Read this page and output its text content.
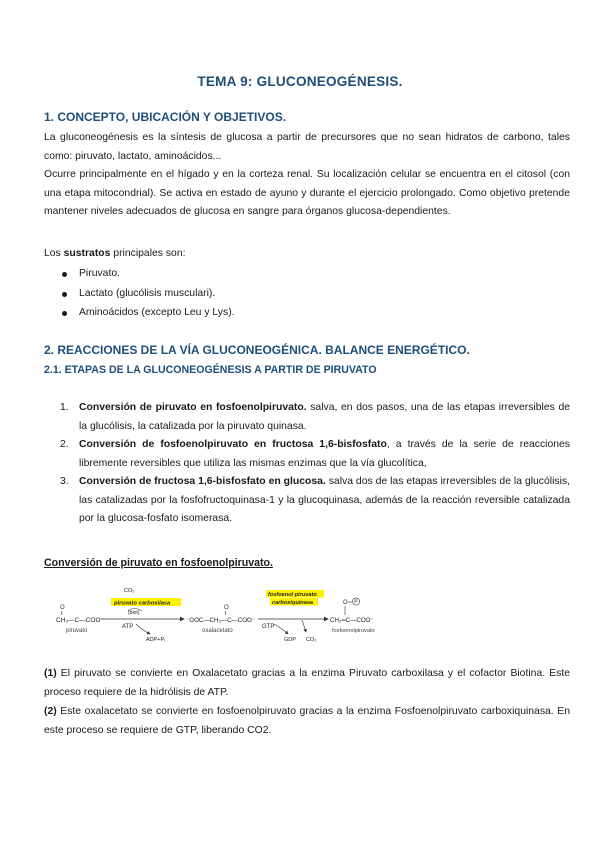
TEMA 9: GLUCONEOGÉNESIS.
1. CONCEPTO, UBICACIÓN Y OBJETIVOS.

La gluconeogénesis es la síntesis de glucosa a partir de precursores que no sean hidratos de carbono, tales como: piruvato, lactato, aminoácidos...

Ocurre principalmente en el hígado y en la corteza renal. Su localización celular se encuentra en el citosol (con una etapa mitocondrial). Se activa en estado de ayuno y durante el ejercicio prolongado. Como objetivo pretende mantener niveles adecuados de glucosa en sangre para órganos glucosa-dependientes.

Los sustratos principales son:

Piruvato.
Lactato (glucólisis musculari).
Aminoácidos (excepto Leu y Lys).
2. REACCIONES DE LA VÍA GLUCONEOGÉNICA. BALANCE ENERGÉTICO.
2.1. ETAPAS DE LA GLUCONEOGÉNESIS A PARTIR DE PIRUVATO
1. Conversión de piruvato en fosfoenolpiruvato. salva, en dos pasos, una de las etapas irreversibles de la glucólisis, la catalizada por la piruvato quinasa.
2. Conversión de fosfoenolpiruvato en fructosa 1,6-bisfosfato, a través de la serie de reacciones libremente reversibles que utiliza las mismas enzimas que la vía glucolítica,
3. Conversión de fructosa 1,6-bisfosfato en glucosa. salva dos de las etapas irreversibles de la glucólisis, las catalizadas por la fosfofructoquinasa-1 y la glucoquinasa, además de la reacción reversible catalizada por la glucosa-fosfato isomerasa.
Conversión de piruvato en fosfoenolpiruvato.
O
CH₃—C—COO⁻
piruvato
CO₂
piruvato carboxilasa
(biot)
ATP
ADP+Pᵢ
O
⁻OOC—CH₂—C—COO⁻
oxalacetato
fosfoenol piruvato
carboxiquinasa
GTP
GDP CO₂
O P
CH₂═C—COO⁻
fosfoenolpiruvato

(1) El piruvato se convierte en Oxalacetato gracias a la enzima Piruvato carboxilasa y el cofactor Biotina. Este proceso requiere de la hidrólisis de ATP.

(2) Este oxalacetato se convierte en fosfoenolpiruvato gracias a la enzima Fosfoenolpiruvato carboxiquinasa. En este proceso se requiere de GTP, liberando CO2.
